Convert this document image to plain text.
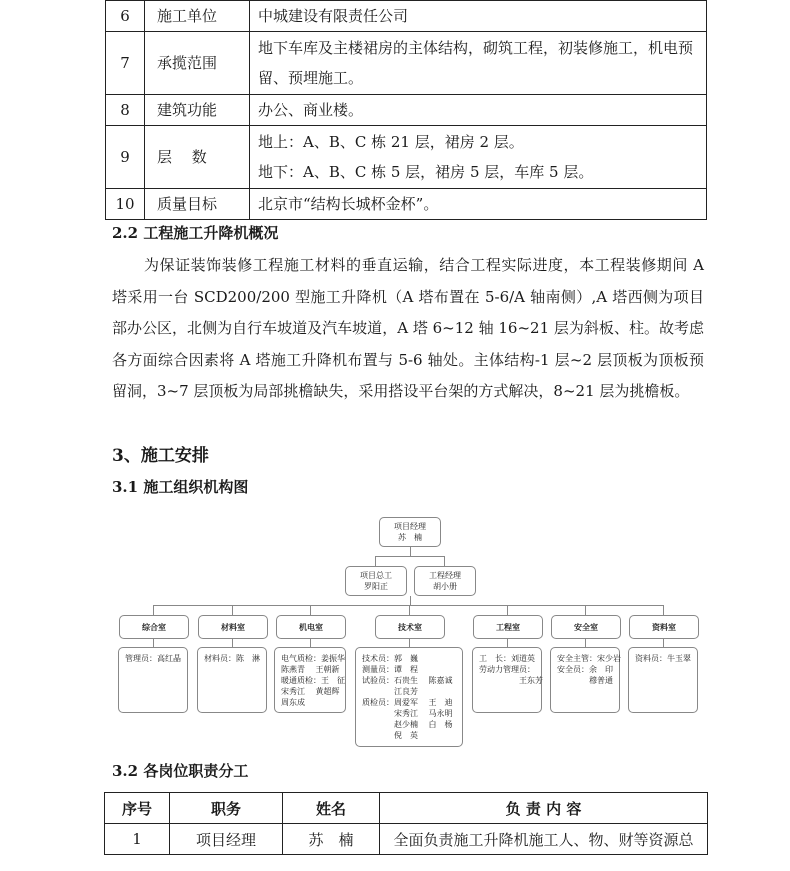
6	施工单位	中城建设有限责任公司
7	承揽范围	地下车库及主楼裙房的主体结构，砌筑工程，初装修施工，机电预留、预埋施工。
8	建筑功能	办公、商业楼。
9	层　 数	地上：A、B、C 栋 21 层，裙房 2 层。
地下：A、B、C 栋 5 层，裙房 5 层，车库 5 层。

10	质量目标	北京市“结构长城杯金杯”。
2.2 工程施工升降机概况
为保证装饰装修工程施工材料的垂直运输，结合工程实际进度，本工程装修期间 A 塔采用一台 SCD200/200 型施工升降机（A 塔布置在 5-6/A 轴南侧）,A 塔西侧为项目部办公区，北侧为自行车坡道及汽车坡道，A 塔 6~12 轴 16~21 层为斜板、柱。故考虑各方面综合因素将 A 塔施工升降机布置与 5-6 轴处。主体结构-1 层~2 层顶板为顶板预留洞，3~7 层顶板为局部挑檐缺失，采用搭设平台架的方式解决，8~21 层为挑檐板。
3、施工安排
3.1 施工组织机构图
项目经理
苏　楠
项目总工
罗阳正
工程经理
胡小册
综合室	材料室	机电室	技术室	工程室	安全室	资料室
管理员：高红晶	材料员：陈　淋	电气质检：姜振华
陈燕青　 王朝新
暖通质检：王　征
宋秀江　 黄超辉
周东成
技术员：郭　巍
测量员：谭　程
试验员：石贵生　 陈嘉诚
　　　　江良芳
质检员：周爱军　 王　迪
　　　　宋秀江　 马永明
　　　　赵少楠　 白　杨
　　　　倪　英
工　长：刘道英
劳动力管理员：
　　　　　王东芳
安全主管：宋少岩
安全员：余　印
　　　　穆普通
资料员：牛玉翠
3.2 各岗位职责分工
序号	职务	姓名	负 责 内 容
1	项目经理	苏　楠	全面负责施工升降机施工人、物、财等资源总
